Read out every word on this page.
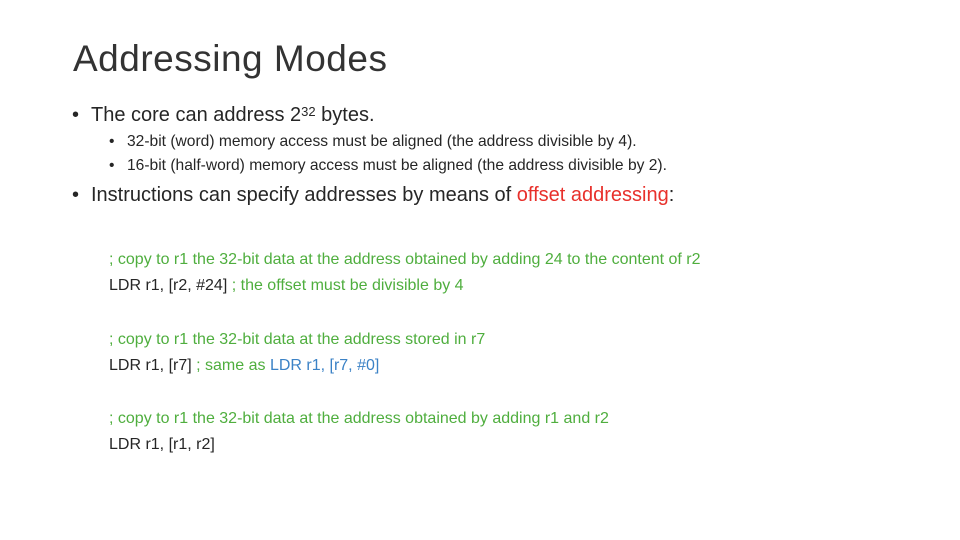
Addressing Modes
• The core can address $2^{32}$ bytes.
• 32-bit (word) memory access must be aligned (the address divisible by 4).
• 16-bit (half-word) memory access must be aligned (the address divisible by 2).
• Instructions can specify addresses by means of offset addressing:
; copy to r1 the 32-bit data at the address obtained by adding 24 to the content of r2
LDR r1, [r2, #24] ; the offset must be divisible by 4
; copy to r1 the 32-bit data at the address stored in r7
LDR r1, [r7] ; same as LDR r1, [r7, #0]
; copy to r1 the 32-bit data at the address obtained by adding r1 and r2
LDR r1, [r1, r2]
